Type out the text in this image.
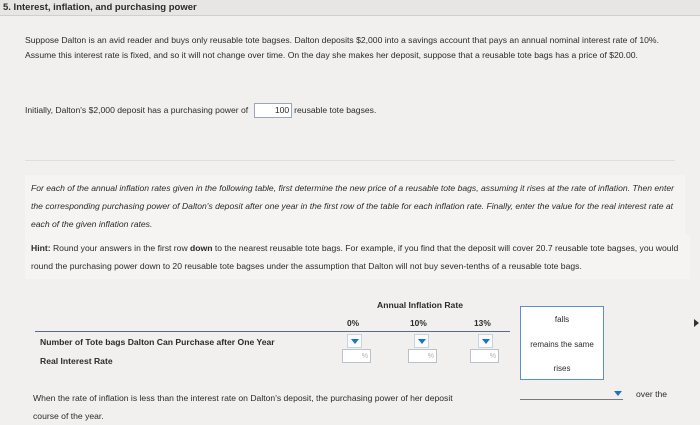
5. Interest, inflation, and purchasing power
Suppose Dalton is an avid reader and buys only reusable tote bagses. Dalton deposits $2,000 into a savings account that pays an annual nominal interest rate of 10%. Assume this interest rate is fixed, and so it will not change over time. On the day she makes her deposit, suppose that a reusable tote bags has a price of $20.00.
Initially, Dalton's $2,000 deposit has a purchasing power of	100 reusable tote bagses.
For each of the annual inflation rates given in the following table, first determine the new price of a reusable tote bags, assuming it rises at the rate of inflation. Then enter the corresponding purchasing power of Dalton's deposit after one year in the first row of the table for each inflation rate. Finally, enter the value for the real interest rate at each of the given inflation rates.
Hint: Round your answers in the first row down to the nearest reusable tote bags. For example, if you find that the deposit will cover 20.7 reusable tote bagses, you would round the purchasing power down to 20 reusable tote bagses under the assumption that Dalton will not buy seven-tenths of a reusable tote bags.
Annual Inflation Rate
0%	10%	13%
Number of Tote bags Dalton Can Purchase after One Year
Real Interest Rate	%	%	%
falls
remains the same
rises
When the rate of inflation is less than the interest rate on Dalton's deposit, the purchasing power of her deposit
course of the year.
over the
